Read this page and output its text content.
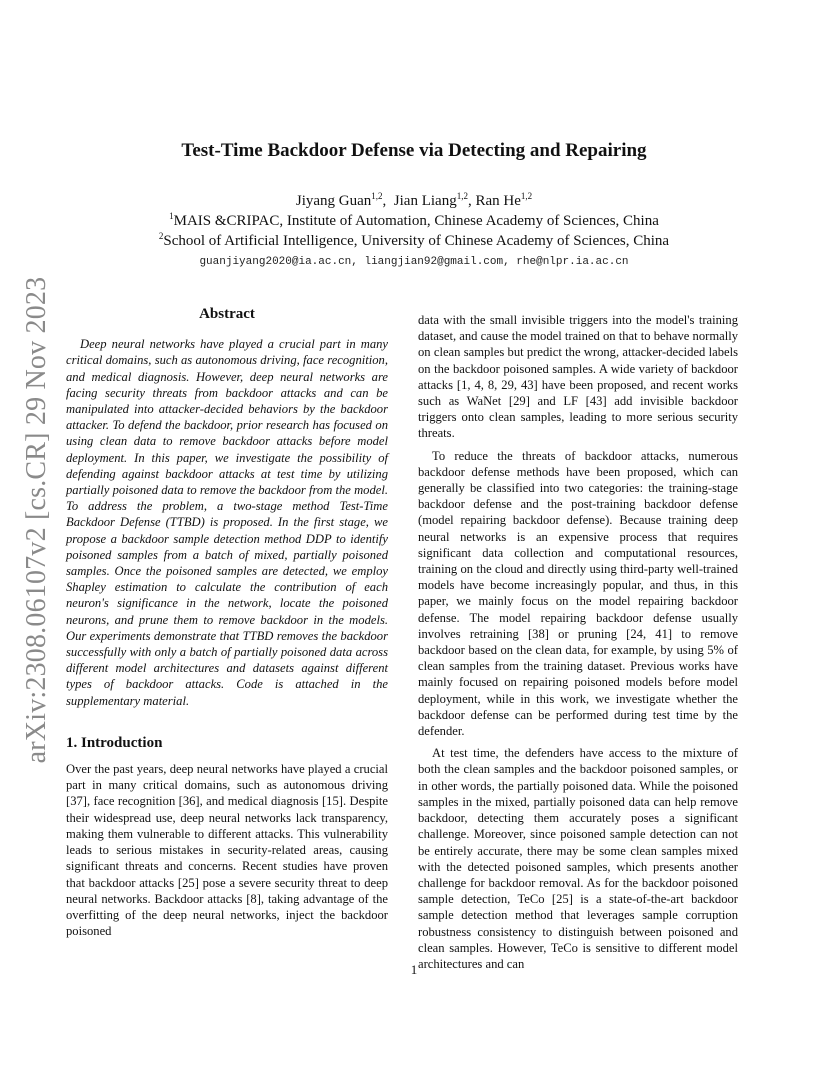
arXiv:2308.06107v2 [cs.CR] 29 Nov 2023
Test-Time Backdoor Defense via Detecting and Repairing
Jiyang Guan$^{1,2}$,  Jian Liang$^{1,2}$, Ran He$^{1,2}$
$^1$MAIS &CRIPAC, Institute of Automation, Chinese Academy of Sciences, China
$^2$School of Artificial Intelligence, University of Chinese Academy of Sciences, China
guanjiyang2020@ia.ac.cn, liangjian92@gmail.com, rhe@nlpr.ia.ac.cn
Abstract

Deep neural networks have played a crucial part in many critical domains, such as autonomous driving, face recognition, and medical diagnosis. However, deep neural networks are facing security threats from backdoor attacks and can be manipulated into attacker-decided behaviors by the backdoor attacker. To defend the backdoor, prior research has focused on using clean data to remove backdoor attacks before model deployment. In this paper, we investigate the possibility of defending against backdoor attacks at test time by utilizing partially poisoned data to remove the backdoor from the model. To address the problem, a two-stage method Test-Time Backdoor Defense (TTBD) is proposed. In the first stage, we propose a backdoor sample detection method DDP to identify poisoned samples from a batch of mixed, partially poisoned samples. Once the poisoned samples are detected, we employ Shapley estimation to calculate the contribution of each neuron's significance in the network, locate the poisoned neurons, and prune them to remove backdoor in the models. Our experiments demonstrate that TTBD removes the backdoor successfully with only a batch of partially poisoned data across different model architectures and datasets against different types of backdoor attacks. Code is attached in the supplementary material.

1. Introduction

Over the past years, deep neural networks have played a crucial part in many critical domains, such as autonomous driving [37], face recognition [36], and medical diagnosis [15]. Despite their widespread use, deep neural networks lack transparency, making them vulnerable to different attacks. This vulnerability leads to serious mistakes in security-related areas, causing significant threats and concerns. Recent studies have proven that backdoor attacks [25] pose a severe security threat to deep neural networks. Backdoor attacks [8], taking advantage of the overfitting of the deep neural networks, inject the backdoor poisoned

data with the small invisible triggers into the model's training dataset, and cause the model trained on that to behave normally on clean samples but predict the wrong, attacker-decided labels on the backdoor poisoned samples. A wide variety of backdoor attacks [1, 4, 8, 29, 43] have been proposed, and recent works such as WaNet [29] and LF [43] add invisible backdoor triggers onto clean samples, leading to more serious security threats.

To reduce the threats of backdoor attacks, numerous backdoor defense methods have been proposed, which can generally be classified into two categories: the training-stage backdoor defense and the post-training backdoor defense (model repairing backdoor defense). Because training deep neural networks is an expensive process that requires significant data collection and computational resources, training on the cloud and directly using third-party well-trained models have become increasingly popular, and thus, in this paper, we mainly focus on the model repairing backdoor defense. The model repairing backdoor defense usually involves retraining [38] or pruning [24, 41] to remove backdoor based on the clean data, for example, by using 5% of clean samples from the training dataset. Previous works have mainly focused on repairing poisoned models before model deployment, while in this work, we investigate whether the backdoor defense can be performed during test time by the defender.

At test time, the defenders have access to the mixture of both the clean samples and the backdoor poisoned samples, or in other words, the partially poisoned data. While the poisoned samples in the mixed, partially poisoned data can help remove backdoor, detecting them accurately poses a significant challenge. Moreover, since poisoned sample detection can not be entirely accurate, there may be some clean samples mixed with the detected poisoned samples, which presents another challenge for backdoor removal. As for the backdoor poisoned sample detection, TeCo [25] is a state-of-the-art backdoor sample detection method that leverages sample corruption robustness consistency to distinguish between poisoned and clean samples. However, TeCo is sensitive to different model architectures and can

1
